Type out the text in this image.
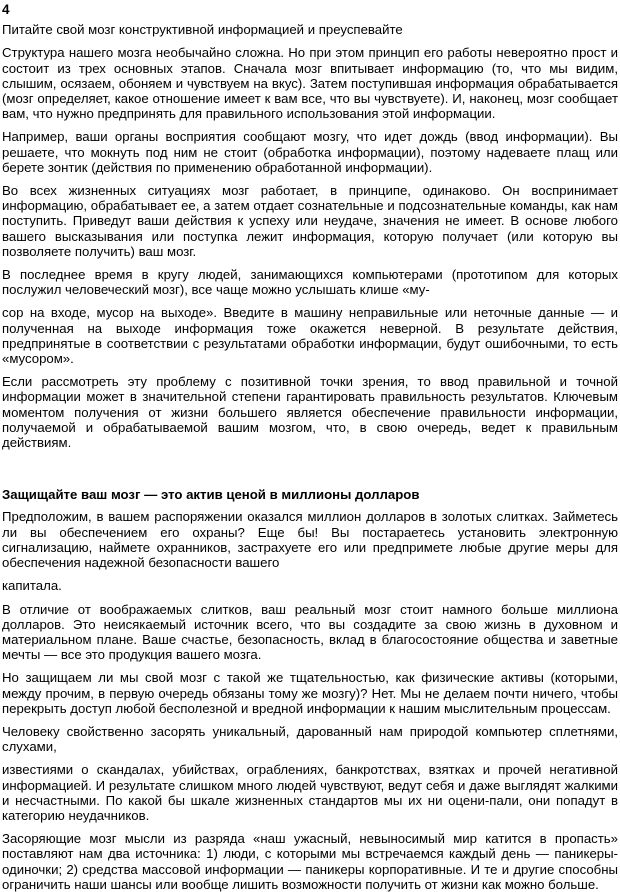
4
Питайте свой мозг конструктивной информацией и преуспевайте

Структура нашего мозга необычайно сложна. Но при этом принцип его работы невероятно прост и состоит из трех основных этапов. Сначала мозг впитывает информацию (то, что мы видим, слышим, осязаем, обоняем и чувствуем на вкус). Затем поступившая информация обрабатывается (мозг определяет, какое отношение имеет к вам все, что вы чувствуете). И, наконец, мозг сообщает вам, что нужно предпринять для правильного использования этой информации.

Например, ваши органы восприятия сообщают мозгу, что идет дождь (ввод информации). Вы решаете, что мокнуть под ним не стоит (обработка информации), поэтому надеваете плащ или берете зонтик (действия по применению обработанной информации).

Во всех жизненных ситуациях мозг работает, в принципе, одинаково. Он воспринимает информацию, обрабатывает ее, а затем отдает сознательные и подсознательные команды, как нам поступить. Приведут ваши действия к успеху или неудаче, значения не имеет. В основе любого вашего высказывания или поступка лежит информация, которую получает (или которую вы позволяете получить) ваш мозг.

В последнее время в кругу людей, занимающихся компьютерами (прототипом для которых послужил человеческий мозг), все чаще можно услышать клише «му-

сор на входе, мусор на выходе». Введите в машину неправильные или неточные данные — и полученная на выходе информация тоже окажется неверной. В результате действия, предпринятые в соответствии с результатами обработки информации, будут ошибочными, то есть «мусором».

Если рассмотреть эту проблему с позитивной точки зрения, то ввод правильной и точной информации может в значительной степени гарантировать правильность результатов. Ключевым моментом получения от жизни большего является обеспечение правильности информации, получаемой и обрабатываемой вашим мозгом, что, в свою очередь, ведет к правильным действиям.

Защищайте ваш мозг — это актив ценой в миллионы долларов

Предположим, в вашем распоряжении оказался миллион долларов в золотых слитках. Займетесь ли вы обеспечением его охраны? Еще бы! Вы постараетесь установить электронную сигнализацию, наймете охранников, застрахуете его или предпримете любые другие меры для обеспечения надежной безопасности вашего

капитала.

В отличие от воображаемых слитков, ваш реальный мозг стоит намного больше миллиона долларов. Это неисякаемый источник всего, что вы создадите за свою жизнь в духовном и материальном плане. Ваше счастье, безопасность, вклад в благосостояние общества и заветные мечты — все это продукция вашего мозга.

Но защищаем ли мы свой мозг с такой же тщательностью, как физические активы (которыми, между прочим, в первую очередь обязаны тому же мозгу)? Нет. Мы не делаем почти ничего, чтобы перекрыть доступ любой бесполезной и вредной информации к нашим мыслительным процессам.

Человеку свойственно засорять уникальный, дарованный нам природой компьютер сплетнями, слухами,

известиями о скандалах, убийствах, ограблениях, банкротствах, взятках и прочей негативной информацией. И результате слишком много людей чувствуют, ведут себя и даже выглядят жалкими и несчастными. По какой бы шкале жизненных стандартов мы их ни оцени-пали, они попадут в категорию неудачников.

Засоряющие мозг мысли из разряда «наш ужасный, невыносимый мир катится в пропасть» поставляют нам два источника: 1) люди, с которыми мы встречаемся каждый день — паникеры-одиночки; 2) средства массовой информации — паникеры корпоративные. И те и другие способны ограничить наши шансы или вообще лишить возможности получить от жизни как можно больше.
